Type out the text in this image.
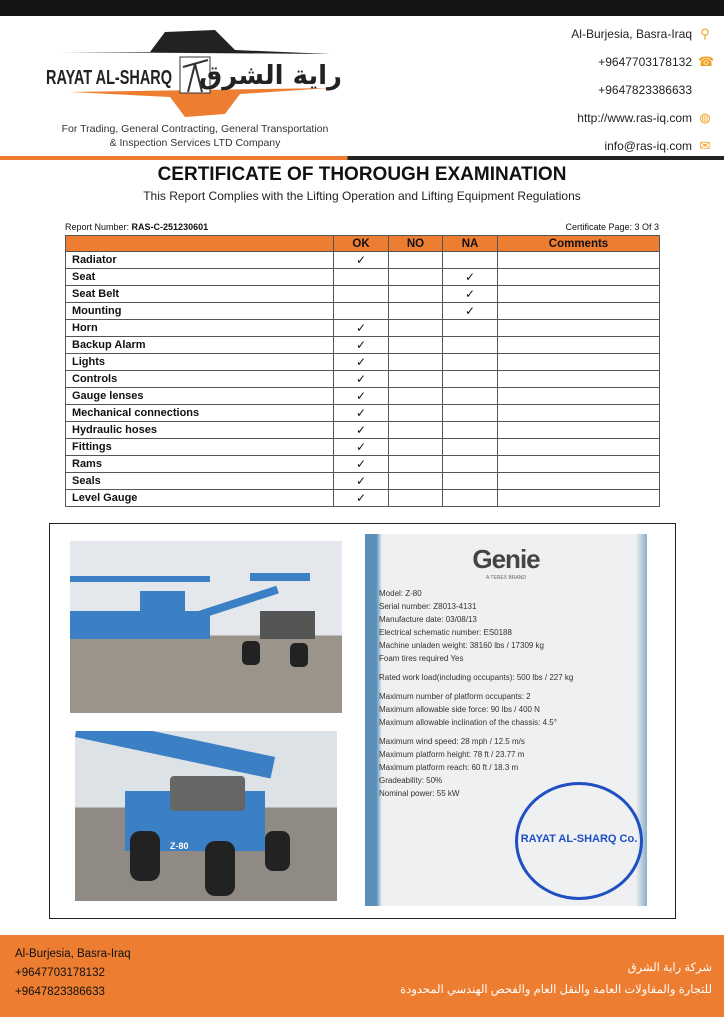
RAYAT AL-SHARQ راية الشرق
For Trading, General Contracting, General Transportation
& Inspection Services LTD Company
Al-Burjesia, Basra-Iraq ⚲
+9647703178132 ☎
+9647823386633
http://www.ras-iq.com ◍
info@ras-iq.com ✉
CERTIFICATE OF THOROUGH EXAMINATION
This Report Complies with the Lifting Operation and Lifting Equipment Regulations
Report Number: RAS-C-251230601	Certificate Page: 3 Of 3
	OK	NO	NA	Comments
Radiator	✓			
Seat			✓	
Seat Belt			✓	
Mounting			✓	
Horn	✓			
Backup Alarm	✓			
Lights	✓			
Controls	✓			
Gauge lenses	✓			
Mechanical connections	✓			
Hydraulic hoses	✓			
Fittings	✓			
Rams	✓			
Seals	✓			
Level Gauge	✓			
Z-80
Genie
A TEREX BRAND
Model: Z-80
Serial number: Z8013-4131
Manufacture date: 03/08/13
Electrical schematic number: ES0188
Machine unladen weight: 38160 lbs / 17309 kg
Foam tires required Yes
Rated work load(including occupants): 500 lbs / 227 kg
Maximum number of platform occupants: 2
Maximum allowable side force: 90 lbs / 400 N
Maximum allowable inclination of the chassis: 4.5°
Maximum wind speed: 28 mph / 12.5 m/s
Maximum platform height: 78 ft / 23.77 m
Maximum platform reach: 60 ft / 18.3 m
Gradeability: 50%
Nominal power: 55 kW
RAYAT AL-SHARQ Co.
Al-Burjesia, Basra-Iraq
+9647703178132
+9647823386633
شركة راية الشرق
للتجارة والمقاولات العامة والنقل العام والفحص الهندسي المحدودة
